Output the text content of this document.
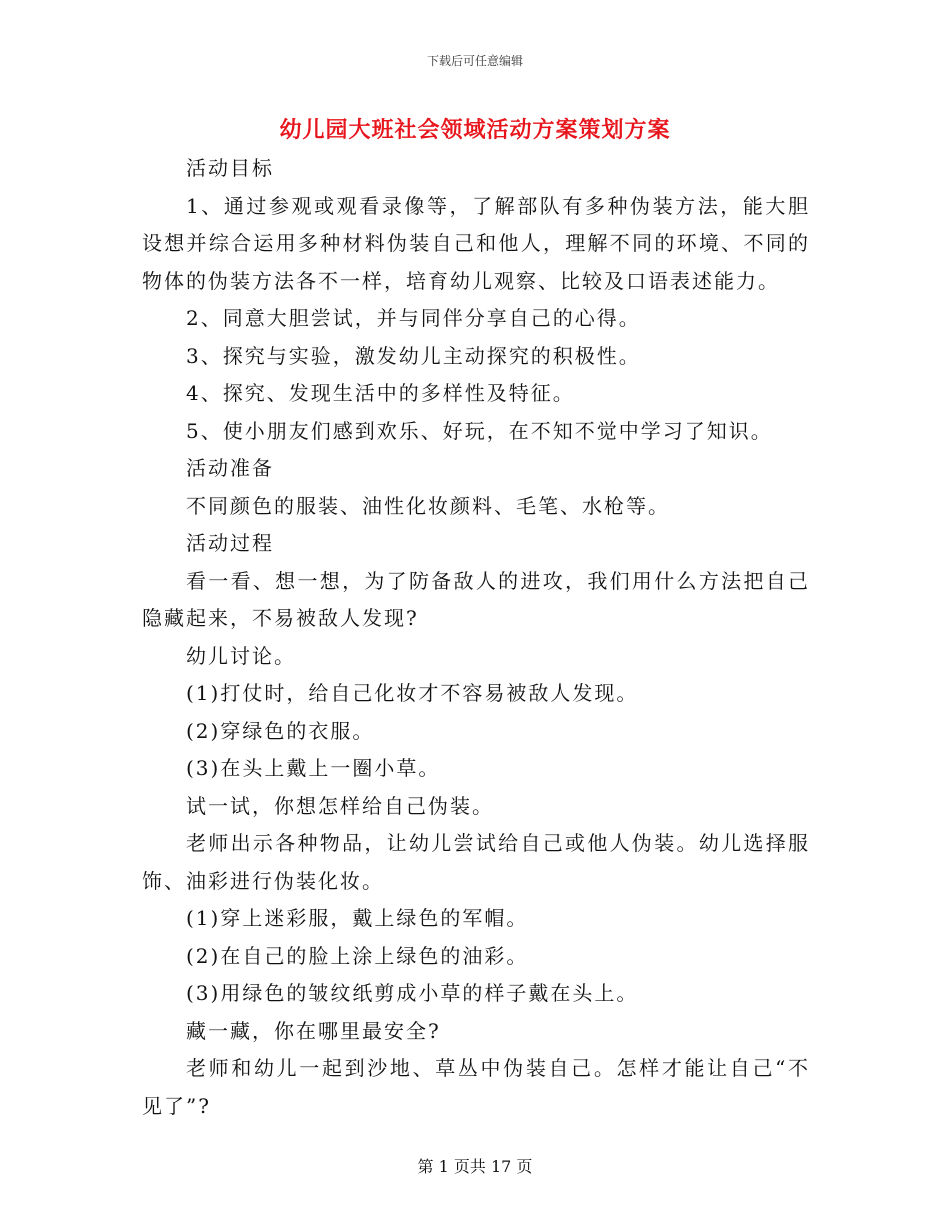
下载后可任意编辑
幼儿园大班社会领域活动方案策划方案

活动目标

1、通过参观或观看录像等，了解部队有多种伪装方法，能大胆设想并综合运用多种材料伪装自己和他人，理解不同的环境、不同的物体的伪装方法各不一样，培育幼儿观察、比较及口语表述能力。

2、同意大胆尝试，并与同伴分享自己的心得。

3、探究与实验，激发幼儿主动探究的积极性。

4、探究、发现生活中的多样性及特征。

5、使小朋友们感到欢乐、好玩，在不知不觉中学习了知识。

活动准备

不同颜色的服装、油性化妆颜料、毛笔、水枪等。

活动过程

看一看、想一想，为了防备敌人的进攻，我们用什么方法把自己隐藏起来，不易被敌人发现?

幼儿讨论。

(1)打仗时，给自己化妆才不容易被敌人发现。

(2)穿绿色的衣服。

(3)在头上戴上一圈小草。

试一试，你想怎样给自己伪装。

老师出示各种物品，让幼儿尝试给自己或他人伪装。幼儿选择服饰、油彩进行伪装化妆。

(1)穿上迷彩服，戴上绿色的军帽。

(2)在自己的脸上涂上绿色的油彩。

(3)用绿色的皱纹纸剪成小草的样子戴在头上。

藏一藏，你在哪里最安全?

老师和幼儿一起到沙地、草丛中伪装自己。怎样才能让自己“不见了”?

第 1 页共 17 页
